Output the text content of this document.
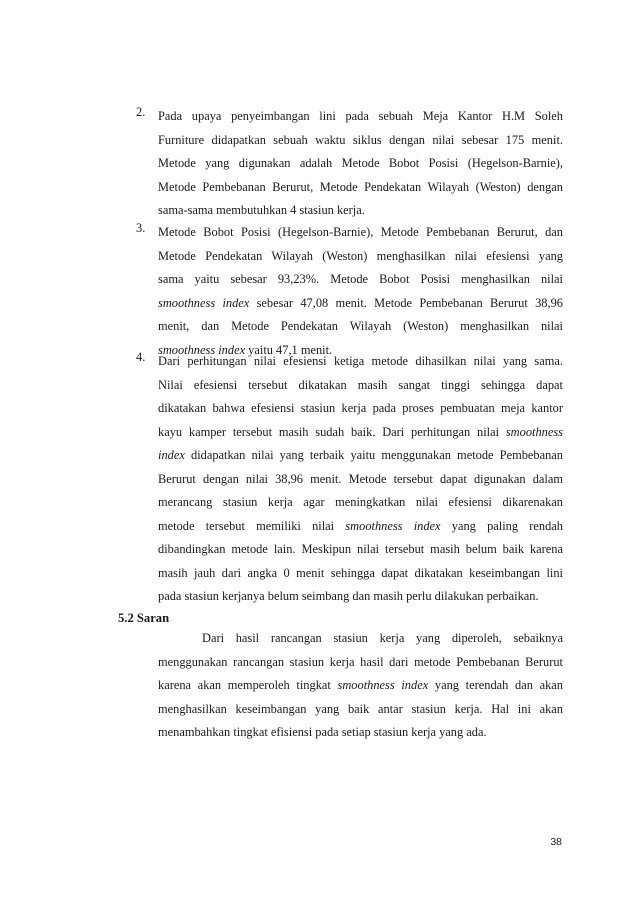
2. Pada upaya penyeimbangan lini pada sebuah Meja Kantor H.M Soleh
Furniture didapatkan sebuah waktu siklus dengan nilai sebesar 175 menit.
Metode yang digunakan adalah Metode Bobot Posisi (Hegelson-Barnie),
Metode Pembebanan Berurut, Metode Pendekatan Wilayah (Weston) dengan
sama-sama membutuhkan 4 stasiun kerja.
3. Metode Bobot Posisi (Hegelson-Barnie), Metode Pembebanan Berurut, dan
Metode Pendekatan Wilayah (Weston) menghasilkan nilai efesiensi yang
sama yaitu sebesar 93,23%. Metode Bobot Posisi menghasilkan nilai
smoothness index sebesar 47,08 menit. Metode Pembebanan Berurut 38,96
menit, dan Metode Pendekatan Wilayah (Weston) menghasilkan nilai
smoothness index yaitu 47,1 menit.
4. Dari perhitungan nilai efesiensi ketiga metode dihasilkan nilai yang sama.
Nilai efesiensi tersebut dikatakan masih sangat tinggi sehingga dapat
dikatakan bahwa efesiensi stasiun kerja pada proses pembuatan meja kantor
kayu kamper tersebut masih sudah baik. Dari perhitungan nilai smoothness
index didapatkan nilai yang terbaik yaitu menggunakan metode Pembebanan
Berurut dengan nilai 38,96 menit. Metode tersebut dapat digunakan dalam
merancang stasiun kerja agar meningkatkan nilai efesiensi dikarenakan
metode tersebut memiliki nilai smoothness index yang paling rendah
dibandingkan metode lain. Meskipun nilai tersebut masih belum baik karena
masih jauh dari angka 0 menit sehingga dapat dikatakan keseimbangan lini
pada stasiun kerjanya belum seimbang dan masih perlu dilakukan perbaikan.
5.2 Saran
Dari hasil rancangan stasiun kerja yang diperoleh, sebaiknya
menggunakan rancangan stasiun kerja hasil dari metode Pembebanan Berurut
karena akan memperoleh tingkat smoothness index yang terendah dan akan
menghasilkan keseimbangan yang baik antar stasiun kerja. Hal ini akan
menambahkan tingkat efisiensi pada setiap stasiun kerja yang ada.
38
